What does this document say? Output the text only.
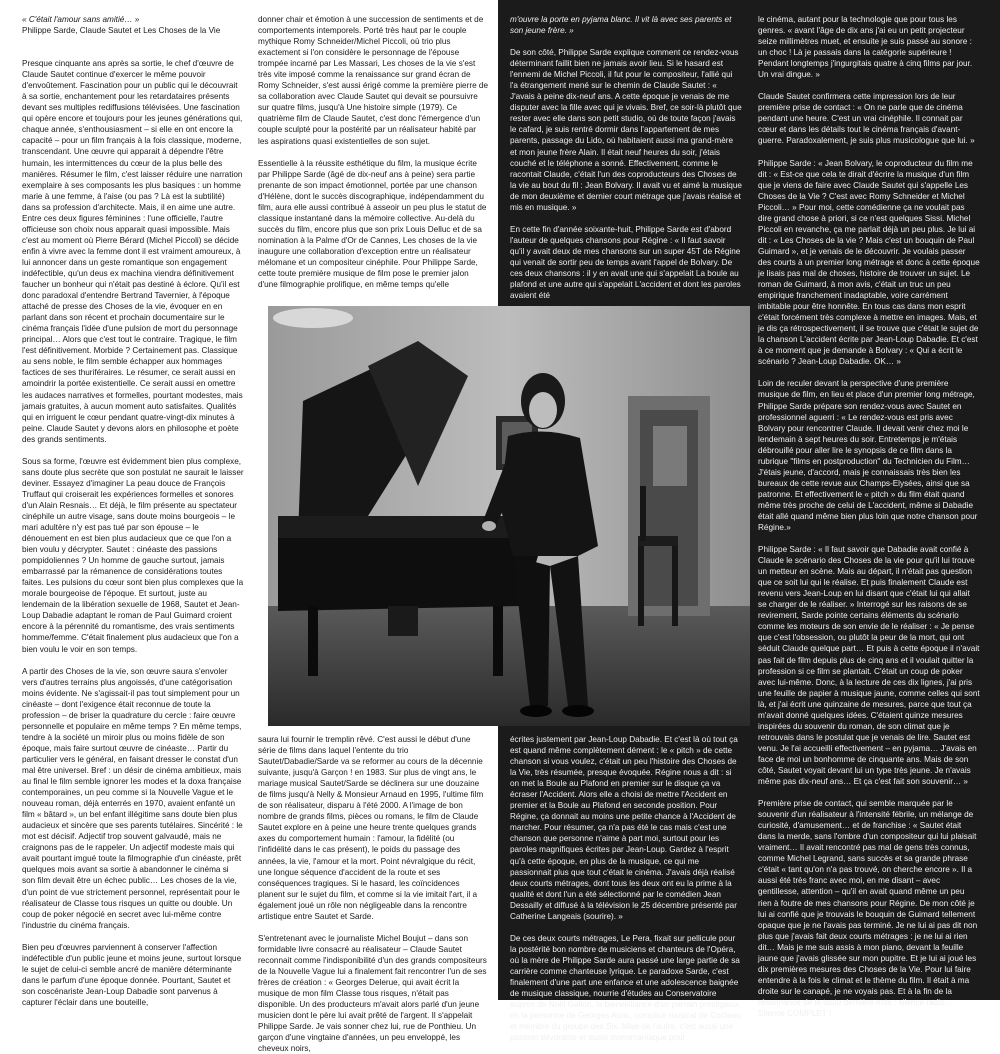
« C'était l'amour sans amitié… »

Philippe Sarde, Claude Sautet et Les Choses de la Vie

Presque cinquante ans après sa sortie, le chef d'œuvre de Claude Sautet continue d'exercer le même pouvoir d'envoûtement. Fascination pour un public qui le découvrait à sa sortie, enchantement pour les retardataires présents devant ses multiples rediffusions télévisées. Une fascination qui opère encore et toujours pour les jeunes générations qui, chaque année, s'enthousiasment – si elle en ont encore la capacité – pour un film français à la fois classique, moderne, transcendant. Une œuvre qui apparait à dépendre l'être humain, les intermittences du cœur de la plus belle des manières. Résumer le film, c'est laisser réduire une narration exemplaire à ses composants les plus basiques : un homme marie à une femme, à l'aise (ou pas ? Là est la subtilité) dans sa profession d'architecte. Mais, il en aime une autre. Entre ces deux figures féminines : l'une officielle, l'autre officieuse son choix nous apparait quasi impossible. Mais c'est au moment où Pierre Bérard (Michel Piccoli) se décide enfin à vivre avec la femme dont il est vraiment amoureux, à lui annoncer dans un geste romantique son engagement indéfectible, qu'un deus ex machina viendra définitivement faucher un bonheur qui n'était pas destiné à éclore. Qu'il est donc paradoxal d'entendre Bertrand Tavernier, à l'époque attaché de presse des Choses de la vie, évoquer en en parlant dans son récent et prochain documentaire sur le cinéma français l'idée d'une pulsion de mort du personnage principal… Alors que c'est tout le contraire. Tragique, le film l'est définitivement. Morbide ? Certainement pas. Classique au sens noble, le film semble échapper aux hommages factices de ses thuriféraires. Le résumer, ce serait aussi en amoindrir la portée existentielle. Ce serait aussi en omettre les audaces narratives et formelles, pourtant modestes, mais jamais gratuites, à aucun moment auto satisfaites. Qualités qui en irriguent le cœur pendant quatre-vingt-dix minutes à peine. Claude Sautet y devons alors en philosophe et poète des grands sentiments.

Sous sa forme, l'œuvre est évidemment bien plus complexe, sans doute plus secrète que son postulat ne saurait le laisser deviner. Essayez d'imaginer La peau douce de François Truffaut qui croiserait les expériences formelles et sonores d'un Alain Resnais… Et déjà, le film présente au spectateur cinéphile un autre visage, sans doute moins bourgeois – le mari adultère n'y est pas tué par son épouse – le dénouement en est bien plus audacieux que ce que l'on a bien voulu y décrypter. Sautet : cinéaste des passions pompidoliennes ? Un homme de gauche surtout, jamais embarrassé par la rémanence de considérations toutes faites. Les pulsions du cœur sont bien plus complexes que la morale bourgeoise de l'époque. Et surtout, juste au lendemain de la libération sexuelle de 1968, Sautet et Jean-Loup Dabadie adaptant le roman de Paul Guimard croient encore à la pérennité du romantisme, des vrais sentiments homme/femme. C'était finalement plus audacieux que l'on a bien voulu le voir en son temps.

A partir des Choses de la vie, son œuvre saura s'envoler vers d'autres terrains plus angoissés, d'une catégorisation moins évidente. Ne s'agissait-il pas tout simplement pour un cinéaste – dont l'exigence était reconnue de toute la profession – de briser la quadrature du cercle : faire œuvre personnelle et populaire en même temps ? En même temps, tendre à la société un miroir plus ou moins fidèle de son époque, mais faire surtout œuvre de cinéaste… Partir du particulier vers le général, en faisant dresser le constat d'un mal être universel. Bref : un désir de cinéma ambitieux, mais au final le film semble ignorer les modes et la doxa française contemporaines, un peu comme si la Nouvelle Vague et le nouveau roman, déjà enterrés en 1970, avaient enfanté un film « bâtard », un bel enfant illégitime sans doute bien plus audacieux et sincère que ses parents tutélaires. Sincérité : le mot est décisif. Adjectif trop souvent galvaudé, mais ne craignons pas de le rappeler. Un adjectif modeste mais qui avait pourtant imgué toute la filmographie d'un cinéaste, prêt quelques mois avant sa sortie à abandonner le cinéma si son film devait être un échec public… Les choses de la vie, d'un point de vue strictement personnel, représentait pour le réalisateur de Classe tous risques un quitte ou double. Un coup de poker négocié en secret avec lui-même contre l'industrie du cinéma français.

Bien peu d'œuvres parviennent à conserver l'affection indéfectible d'un public jeune et moins jeune, surtout lorsque le sujet de celui-ci semble ancré de manière déterminante dans le parfum d'une époque donnée. Pourtant, Sautet et son coscénariste Jean-Loup Dabadie sont parvenus à capturer l'éclair dans une bouteille,

donner chair et émotion à une succession de sentiments et de comportements intemporels. Porté très haut par le couple mythique Romy Schneider/Michel Piccoli, où trio plus exactement si l'on considère le personnage de l'épouse trompée incarné par Les Massari, Les choses de la vie s'est très vite imposé comme la renaissance sur grand écran de Romy Schneider, s'est aussi érigé comme la première pierre de sa collaboration avec Claude Sautet qui devait se poursuivre sur quatre films, jusqu'à Une histoire simple (1979). Ce quatrième film de Claude Sautet, c'est donc l'émergence d'un couple sculpté pour la postérité par un réalisateur habité par les aspirations quasi existentielles de son sujet.

Essentielle à la réussite esthétique du film, la musique écrite par Philippe Sarde (âgé de dix-neuf ans à peine) sera partie prenante de son impact émotionnel, portée par une chanson d'Hélène, dont le succès discographique, indépendamment du film, aura elle aussi contribué à asseoir un peu plus le statut de classique instantané dans la mémoire collective. Au-delà du succès du film, encore plus que son prix Louis Delluc et de sa nomination à la Palme d'Or de Cannes, Les choses de la vie inaugure une collaboration d'exception entre un réalisateur mélomane et un compositeur cinéphile. Pour Philippe Sarde, cette toute première musique de film pose le premier jalon d'une filmographie prolifique, en même temps qu'elle

m'ouvre la porte en pyjama blanc. Il vit là avec ses parents et son jeune frère. »

De son côté, Philippe Sarde explique comment ce rendez-vous déterminant faillit bien ne jamais avoir lieu. Si le hasard est l'ennemi de Michel Piccoli, il fut pour le compositeur, l'allié qui l'a étrangement mené sur le chemin de Claude Sautet : « J'avais à peine dix-neuf ans. A cette époque je venais de me disputer avec la fille avec qui je vivais. Bref, ce soir-là plutôt que rester avec elle dans son petit studio, où de toute façon j'avais le cafard, je suis rentré dormir dans l'appartement de mes parents, passage du Lido, où habitaient aussi ma grand-mère et mon jeune frère Alain. Il était neuf heures du soir, j'étais couché et le téléphone a sonné. Effectivement, comme le racontait Claude, c'était l'un des coproducteurs des Choses de la vie au bout du fil : Jean Bolvary. Il avait vu et aimé la musique de mon deuxième et dernier court métrage que j'avais réalisé et mis en musique. »

En cette fin d'année soixante-huit, Philippe Sarde est d'abord l'auteur de quelques chansons pour Régine : « Il faut savoir qu'il y avait deux de mes chansons sur un super 45T de Régine qui venait de sortir peu de temps avant l'appel de Bolvary. De ces deux chansons : il y en avait une qui s'appelait La boule au plafond et une autre qui s'appelait L'accident et dont les paroles avaient été

le cinéma, autant pour la technologie que pour tous les genres. « avant l'âge de dix ans j'ai eu un petit projecteur seize millimètres muet, et ensuite je suis passé au sonore : un choc ! Là je passais dans la catégorie supérieure ! Pendant longtemps j'ingurgitais quatre à cinq films par jour. Un vrai dingue. »

Claude Sautet confirmera cette impression lors de leur première prise de contact : « On ne parle que de cinéma pendant une heure. C'est un vrai cinéphile. Il connait par cœur et dans les détails tout le cinéma français d'avant-guerre. Paradoxalement, je suis plus musicologue que lui. »

Philippe Sarde : « Jean Bolvary, le coproducteur du film me dit : « Est-ce que cela te dirait d'écrire la musique d'un film que je viens de faire avec Claude Sautet qui s'appelle Les Choses de la Vie ? C'est avec Romy Schneider et Michel Piccoli… » Pour moi, cette comédienne ça ne voulait pas dire grand chose à priori, si ce n'est quelques Sissi. Michel Piccoli en revanche, ça me parlait déjà un peu plus. Je lui ai dit : « Les Choses de la vie ? Mais c'est un bouquin de Paul Guimard », et je venais de le découvrir. Je voulais passer des courts à un premier long métrage et donc à cette époque je lisais pas mal de choses, histoire de trouver un sujet. Le roman de Guimard, à mon avis, c'était un truc un peu empirique franchement inadaptable, voire carrément imbitable pour être honnête. En tous cas dans mon esprit c'était forcément très complexe à mettre en images. Mais, et je dis ça rétrospectivement, il se trouve que c'était le sujet de la chanson L'accident écrite par Jean-Loup Dabadie. Et c'est à ce moment que je demande à Bolvary : « Qui a écrit le scénario ? Jean-Loup Dabadie. OK… »

Loin de reculer devant la perspective d'une première musique de film, en lieu et place d'un premier long métrage, Philippe Sarde prépare son rendez-vous avec Sautet en professionnel aguerri : « Le rendez-vous est pris avec Bolvary pour rencontrer Claude. Il devait venir chez moi le lendemain à sept heures du soir. Entretemps je m'étais débrouillé pour aller lire le synopsis de ce film dans la rubrique "films en postproduction" du Technicien du Film… J'étais jeune, d'accord, mais je connaissais très bien les bureaux de cette revue aux Champs-Elysées, ainsi que sa patronne. Et effectivement le « pitch » du film était quand même très proche de celui de L'accident, même si Dabadie était allé quand même bien plus loin que notre chanson pour Régine.»

Philippe Sarde : « Il faut savoir que Dabadie avait confié à Claude le scénario des Choses de la vie pour qu'il lui trouve un metteur en scène. Mais au départ, il n'était pas question que ce soit lui qui le réalise. Et puis finalement Claude est revenu vers Jean-Loup en lui disant que c'était lui qui allait se charger de le réaliser. » Interrogé sur les raisons de se revirement, Sarde pointe certains éléments du scénario comme les moteurs de son envie de le réaliser : « Je pense que c'est l'obsession, ou plutôt la peur de la mort, qui ont séduit Claude quelque part… Et puis à cette époque il n'avait pas fait de film depuis plus de cinq ans et il voulait quitter la profession si ce film se plantait. C'était un coup de poker avec lui-même. Donc, à la lecture de ces dix lignes, j'ai pris une feuille de papier à musique jaune, comme celles qui sont là, et j'ai écrit une quinzaine de mesures, parce que tout ça m'avait donné quelques idées. C'étaient quinze mesures inspirées du souvenir du roman, de son climat que je retrouvais dans le postulat que je venais de lire. Sautet est venu. Je l'ai accueilli effectivement – en pyjama… J'avais en face de moi un bonhomme de cinquante ans. Mais de son côté, Sautet voyait devant lui un type très jeune. Je n'avais même pas dix-neuf ans… Et ça c'est fait son souvenir… »

Première prise de contact, qui semble marquée par le souvenir d'un réalisateur à l'intensité fébrile, un mélange de curiosité, d'amusement… et de franchise : « Sautet était dans la merde, sans l'ombre d'un compositeur qui lui plaisait vraiment… Il avait rencontré pas mal de gens très connus, comme Michel Legrand, sans succès et sa grande phrase c'était « tant qu'on n'a pas trouvé, on cherche encore ». Il a aussi été très franc avec moi, en me disant – avec gentillesse, attention – qu'il en avait quand même un peu rien à foutre de mes chansons pour Régine. De mon côté je lui ai confié que je trouvais le bouquin de Guimard tellement opaque que je ne l'avais pas terminé. Je ne lui ai pas dit non plus que j'avais fait deux courts métrages : je ne lui ai rien dit… Mais je me suis assis à mon piano, devant la feuille jaune que j'avais glissée sur mon pupitre. Et je lui ai joué les dix premières mesures des Choses de la Vie. Pour lui faire entendre à la fois le climat et le thème du film. Il était à ma droite sur le canapé, je ne voyais pas. Et à la fin de la résonnance de la toute dernière note : silence radio… Silence COMPLET !

saura lui fournir le tremplin rêvé. C'est aussi le début d'une série de films dans laquel l'entente du trio Sautet/Dabadie/Sarde va se reformer au cours de la décennie suivante, jusqu'à Garçon ! en 1983. Sur plus de vingt ans, le mariage musical Sautet/Sarde se déclinera sur une douzaine de films jusqu'à Nelly & Monsieur Arnaud en 1995, l'ultime film de son réalisateur, disparu à l'été 2000. A l'image de bon nombre de grands films, pièces ou romans, le film de Claude Sautet explore en à peine une heure trente quelques grands axes du comportement humain : l'amour, la fidélité (ou l'infidélité dans le cas présent), le poids du passage des années, la vie, l'amour et la mort. Point névralgique du récit, une longue séquence d'accident de la route et ses conséquences tragiques. Si le hasard, les coïncidences planent sur le sujet du film, et comme si la vie imitait l'art, il a également joué un rôle non négligeable dans la rencontre artistique entre Sautet et Sarde.

S'entretenant avec le journaliste Michel Boujut – dans son formidable livre consacré au réalisateur – Claude Sautet reconnait comme l'indisponibilité d'un des grands compositeurs de la Nouvelle Vague lui a finalement fait rencontrer l'un de ses frères de création : « Georges Delerue, qui avait écrit la musique de mon film Classe tous risques, n'était pas disponible. Un des producteurs m'avait alors parlé d'un jeune musicien dont le père lui avait prêté de l'argent. Il s'appelait Philippe Sarde. Je vais sonner chez lui, rue de Ponthieu. Un garçon d'une vingtaine d'années, un peu enveloppé, les cheveux noirs,

écrites justement par Jean-Loup Dabadie. Et c'est là où tout ça est quand même complètement dément : le « pitch » de cette chanson si vous voulez, c'était un peu l'histoire des Choses de la Vie, très résumée, presque évoquée. Régine nous a dit : si on met la Boule au Plafond en premier sur le disque ça va écraser l'Accident. Alors elle a choisi de mettre l'Accident en premier et la Boule au Plafond en seconde position. Pour Régine, ça donnait au moins une petite chance à l'Accident de marcher. Pour résumer, ça n'a pas été le cas mais c'est une chanson que personne n'aime à part moi, surtout pour les paroles magnifiques écrites par Jean-Loup. Gardez à l'esprit qu'à cette époque, en plus de la musique, ce qui me passionnait plus que tout c'était le cinéma. J'avais déjà réalisé deux courts métrages, dont tous les deux ont eu la prime à la qualité et dont l'un a été sélectionné par le comédien Jean Dessailly et diffusé à la télévision le 25 décembre présenté par Catherine Langeais (sourire). »

De ces deux courts métrages, Le Pera, fixait sur pellicule pour la postérité bon nombre de musiciens et chanteurs de l'Opéra, où la mère de Philippe Sarde aura passé une large partie de sa carrière comme chanteuse lyrique. Le paradoxe Sarde, c'est finalement d'une part une enfance et une adolescence baignée de musique classique, nourrie d'études au Conservatoire auprès de Noël Gallon, la bienveillance d'un parrain prestigieux en la personne de Georges Auric, complice musical de Cocteau et membre du groupe des Six. Mais de l'autre, c'est aussi une passion dévorante et quasi monomaniaque pour
